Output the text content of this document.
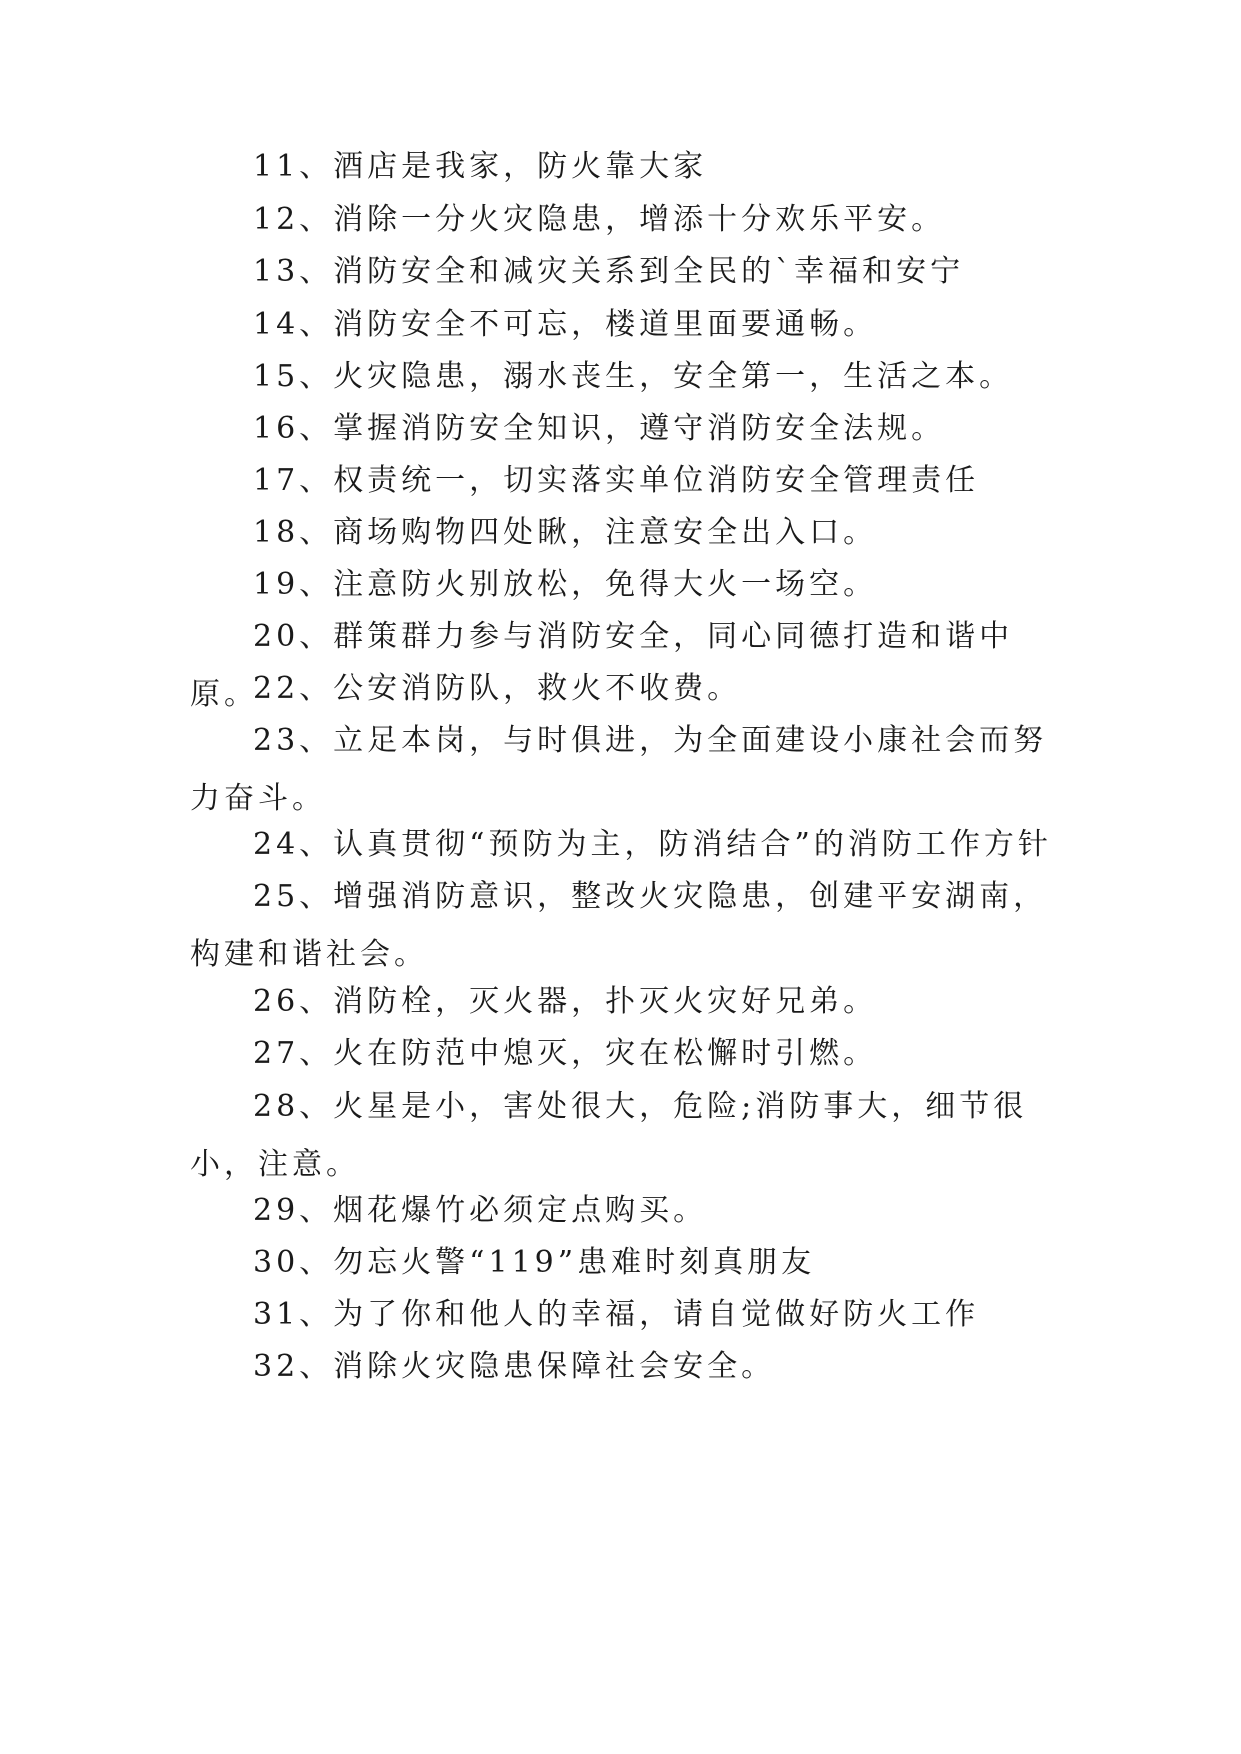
11、酒店是我家，防火靠大家

12、消除一分火灾隐患，增添十分欢乐平安。

13、消防安全和减灾关系到全民的`幸福和安宁

14、消防安全不可忘，楼道里面要通畅。

15、火灾隐患，溺水丧生，安全第一，生活之本。

16、掌握消防安全知识，遵守消防安全法规。

17、权责统一，切实落实单位消防安全管理责任

18、商场购物四处瞅，注意安全出入口。

19、注意防火别放松，免得大火一场空。

20、群策群力参与消防安全，同心同德打造和谐中原。

22、公安消防队，救火不收费。

23、立足本岗，与时俱进，为全面建设小康社会而努力奋斗。

24、认真贯彻“预防为主，防消结合”的消防工作方针

25、增强消防意识，整改火灾隐患，创建平安湖南，构建和谐社会。

26、消防栓，灭火器，扑灭火灾好兄弟。

27、火在防范中熄灭，灾在松懈时引燃。

28、火星是小，害处很大，危险;消防事大，细节很小，注意。

29、烟花爆竹必须定点购买。

30、勿忘火警“119”患难时刻真朋友

31、为了你和他人的幸福，请自觉做好防火工作

32、消除火灾隐患保障社会安全。
